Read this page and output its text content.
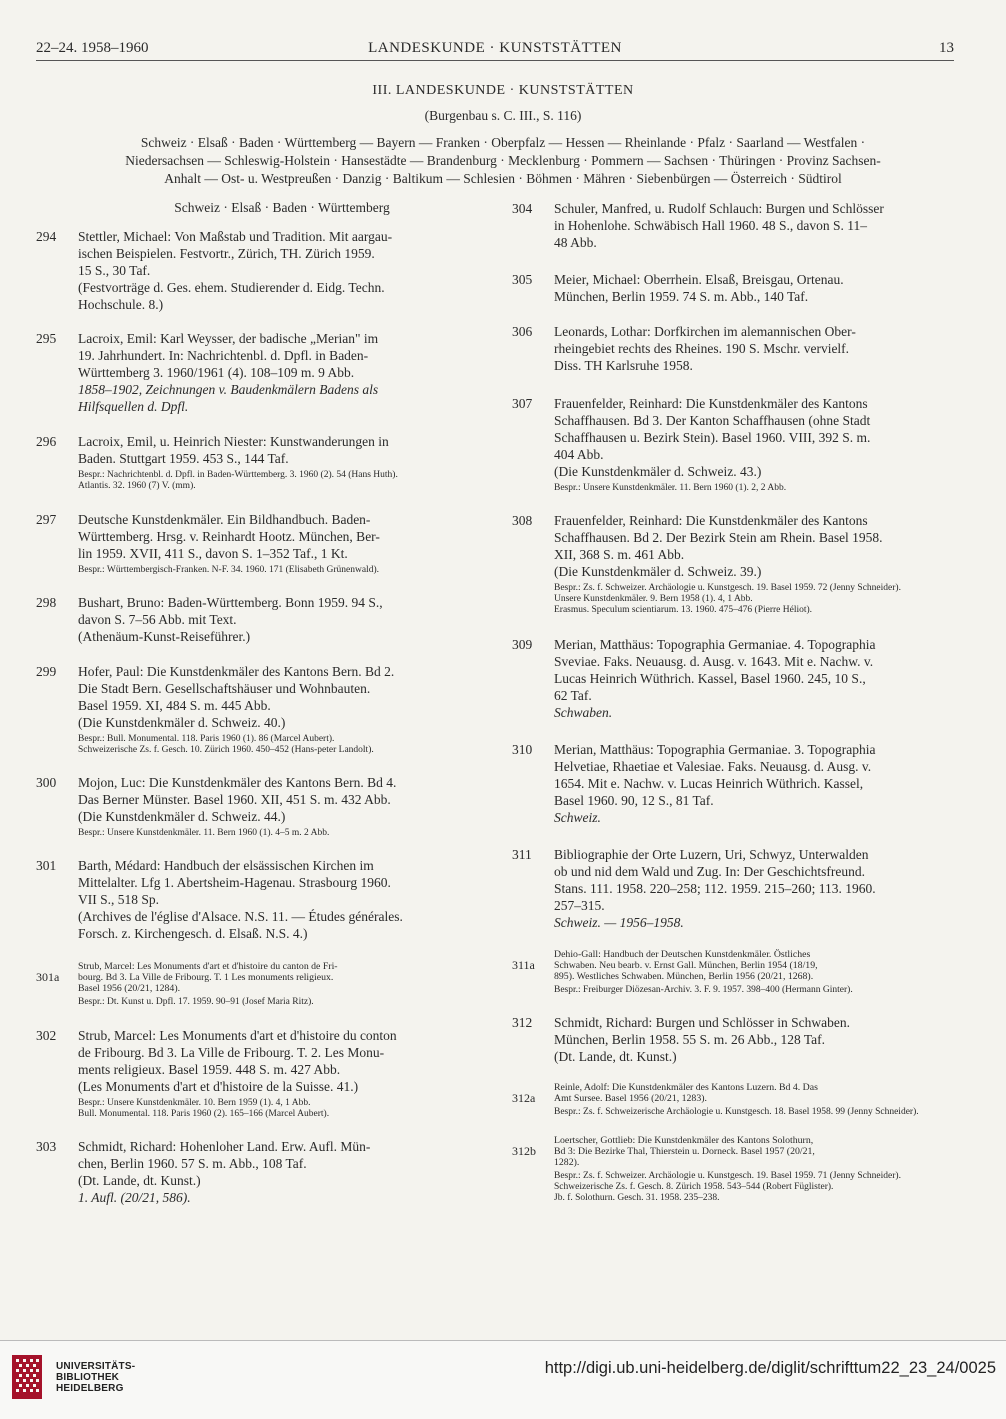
22–24. 1958–1960	LANDESKUNDE · KUNSTSTÄTTEN	13
III. LANDESKUNDE · KUNSTSTÄTTEN
(Burgenbau s. C. III., S. 116)
Schweiz · Elsaß · Baden · Württemberg — Bayern — Franken · Oberpfalz — Hessen — Rheinlande · Pfalz · Saarland — Westfalen ·
Niedersachsen — Schleswig-Holstein · Hansestädte — Brandenburg · Mecklenburg · Pommern — Sachsen · Thüringen · Provinz Sachsen-
Anhalt — Ost- u. Westpreußen · Danzig · Baltikum — Schlesien · Böhmen · Mähren · Siebenbürgen — Österreich · Südtirol
Schweiz · Elsaß · Baden · Württemberg
294	Stettler, Michael: Von Maßstab und Tradition. Mit aargau-
ischen Beispielen. Festvortr., Zürich, TH. Zürich 1959.
15 S., 30 Taf.
(Festvorträge d. Ges. ehem. Studierender d. Eidg. Techn.
Hochschule. 8.)
295	Lacroix, Emil: Karl Weysser, der badische „Merian" im
19. Jahrhundert. In: Nachrichtenbl. d. Dpfl. in Baden-
Württemberg 3. 1960/1961 (4). 108–109 m. 9 Abb.
1858–1902, Zeichnungen v. Baudenkmälern Badens als
Hilfsquellen d. Dpfl.
296	Lacroix, Emil, u. Heinrich Niester: Kunstwanderungen in
Baden. Stuttgart 1959. 453 S., 144 Taf.
Bespr.: Nachrichtenbl. d. Dpfl. in Baden-Württemberg. 3. 1960 (2). 54 (Hans Huth).
Atlantis. 32. 1960 (7) V. (mm).
297	Deutsche Kunstdenkmäler. Ein Bildhandbuch. Baden-
Württemberg. Hrsg. v. Reinhardt Hootz. München, Ber-
lin 1959. XVII, 411 S., davon S. 1–352 Taf., 1 Kt.
Bespr.: Württembergisch-Franken. N-F. 34. 1960. 171 (Elisabeth Grünenwald).
298	Bushart, Bruno: Baden-Württemberg. Bonn 1959. 94 S.,
davon S. 7–56 Abb. mit Text.
(Athenäum-Kunst-Reiseführer.)
299	Hofer, Paul: Die Kunstdenkmäler des Kantons Bern. Bd 2.
Die Stadt Bern. Gesellschaftshäuser und Wohnbauten.
Basel 1959. XI, 484 S. m. 445 Abb.
(Die Kunstdenkmäler d. Schweiz. 40.)
Bespr.: Bull. Monumental. 118. Paris 1960 (1). 86 (Marcel Aubert).
Schweizerische Zs. f. Gesch. 10. Zürich 1960. 450–452 (Hans-peter Landolt).
300	Mojon, Luc: Die Kunstdenkmäler des Kantons Bern. Bd 4.
Das Berner Münster. Basel 1960. XII, 451 S. m. 432 Abb.
(Die Kunstdenkmäler d. Schweiz. 44.)
Bespr.: Unsere Kunstdenkmäler. 11. Bern 1960 (1). 4–5 m. 2 Abb.
301	Barth, Médard: Handbuch der elsässischen Kirchen im
Mittelalter. Lfg 1. Abertsheim-Hagenau. Strasbourg 1960.
VII S., 518 Sp.
(Archives de l'église d'Alsace. N.S. 11. — Études générales.
Forsch. z. Kirchengesch. d. Elsaß. N.S. 4.)
301a
Strub, Marcel: Les Monuments d'art et d'histoire du canton de Fri-
bourg. Bd 3. La Ville de Fribourg. T. 1 Les monuments religieux.
Basel 1956 (20/21, 1284).
Bespr.: Dt. Kunst u. Dpfl. 17. 1959. 90–91 (Josef Maria Ritz).
302	Strub, Marcel: Les Monuments d'art et d'histoire du conton
de Fribourg. Bd 3. La Ville de Fribourg. T. 2. Les Monu-
ments religieux. Basel 1959. 448 S. m. 427 Abb.
(Les Monuments d'art et d'histoire de la Suisse. 41.)
Bespr.: Unsere Kunstdenkmäler. 10. Bern 1959 (1). 4, 1 Abb.
Bull. Monumental. 118. Paris 1960 (2). 165–166 (Marcel Aubert).
303	Schmidt, Richard: Hohenloher Land. Erw. Aufl. Mün-
chen, Berlin 1960. 57 S. m. Abb., 108 Taf.
(Dt. Lande, dt. Kunst.)
1. Aufl. (20/21, 586).
304	Schuler, Manfred, u. Rudolf Schlauch: Burgen und Schlösser
in Hohenlohe. Schwäbisch Hall 1960. 48 S., davon S. 11–
48 Abb.
305	Meier, Michael: Oberrhein. Elsaß, Breisgau, Ortenau.
München, Berlin 1959. 74 S. m. Abb., 140 Taf.
306	Leonards, Lothar: Dorfkirchen im alemannischen Ober-
rheingebiet rechts des Rheines. 190 S. Mschr. vervielf.
Diss. TH Karlsruhe 1958.
307	Frauenfelder, Reinhard: Die Kunstdenkmäler des Kantons
Schaffhausen. Bd 3. Der Kanton Schaffhausen (ohne Stadt
Schaffhausen u. Bezirk Stein). Basel 1960. VIII, 392 S. m.
404 Abb.
(Die Kunstdenkmäler d. Schweiz. 43.)
Bespr.: Unsere Kunstdenkmäler. 11. Bern 1960 (1). 2, 2 Abb.
308	Frauenfelder, Reinhard: Die Kunstdenkmäler des Kantons
Schaffhausen. Bd 2. Der Bezirk Stein am Rhein. Basel 1958.
XII, 368 S. m. 461 Abb.
(Die Kunstdenkmäler d. Schweiz. 39.)
Bespr.: Zs. f. Schweizer. Archäologie u. Kunstgesch. 19. Basel 1959. 72 (Jenny Schneider).
Unsere Kunstdenkmäler. 9. Bern 1958 (1). 4, 1 Abb.
Erasmus. Speculum scientiarum. 13. 1960. 475–476 (Pierre Héliot).
309	Merian, Matthäus: Topographia Germaniae. 4. Topographia
Sveviae. Faks. Neuausg. d. Ausg. v. 1643. Mit e. Nachw. v.
Lucas Heinrich Wüthrich. Kassel, Basel 1960. 245, 10 S.,
62 Taf.
Schwaben.
310	Merian, Matthäus: Topographia Germaniae. 3. Topographia
Helvetiae, Rhaetiae et Valesiae. Faks. Neuausg. d. Ausg. v.
1654. Mit e. Nachw. v. Lucas Heinrich Wüthrich. Kassel,
Basel 1960. 90, 12 S., 81 Taf.
Schweiz.
311	Bibliographie der Orte Luzern, Uri, Schwyz, Unterwalden
ob und nid dem Wald und Zug. In: Der Geschichtsfreund.
Stans. 111. 1958. 220–258; 112. 1959. 215–260; 113. 1960.
257–315.
Schweiz. — 1956–1958.
311a
Dehio-Gall: Handbuch der Deutschen Kunstdenkmäler. Östliches
Schwaben. Neu bearb. v. Ernst Gall. München, Berlin 1954 (18/19,
895). Westliches Schwaben. München, Berlin 1956 (20/21, 1268).
Bespr.: Freiburger Diözesan-Archiv. 3. F. 9. 1957. 398–400 (Hermann Ginter).
312	Schmidt, Richard: Burgen und Schlösser in Schwaben.
München, Berlin 1958. 55 S. m. 26 Abb., 128 Taf.
(Dt. Lande, dt. Kunst.)
312a
Reinle, Adolf: Die Kunstdenkmäler des Kantons Luzern. Bd 4. Das
Amt Sursee. Basel 1956 (20/21, 1283).
Bespr.: Zs. f. Schweizerische Archäologie u. Kunstgesch. 18. Basel 1958. 99 (Jenny Schneider).
312b
Loertscher, Gottlieb: Die Kunstdenkmäler des Kantons Solothurn,
Bd 3: Die Bezirke Thal, Thierstein u. Dorneck. Basel 1957 (20/21,
1282).
Bespr.: Zs. f. Schweizer. Archäologie u. Kunstgesch. 19. Basel 1959. 71 (Jenny Schneider).
Schweizerische Zs. f. Gesch. 8. Zürich 1958. 543–544 (Robert Füglister).
Jb. f. Solothurn. Gesch. 31. 1958. 235–238.
UNIVERSITÄTS-
BIBLIOTHEK
HEIDELBERG
http://digi.ub.uni-heidelberg.de/diglit/schrifttum22_23_24/0025
